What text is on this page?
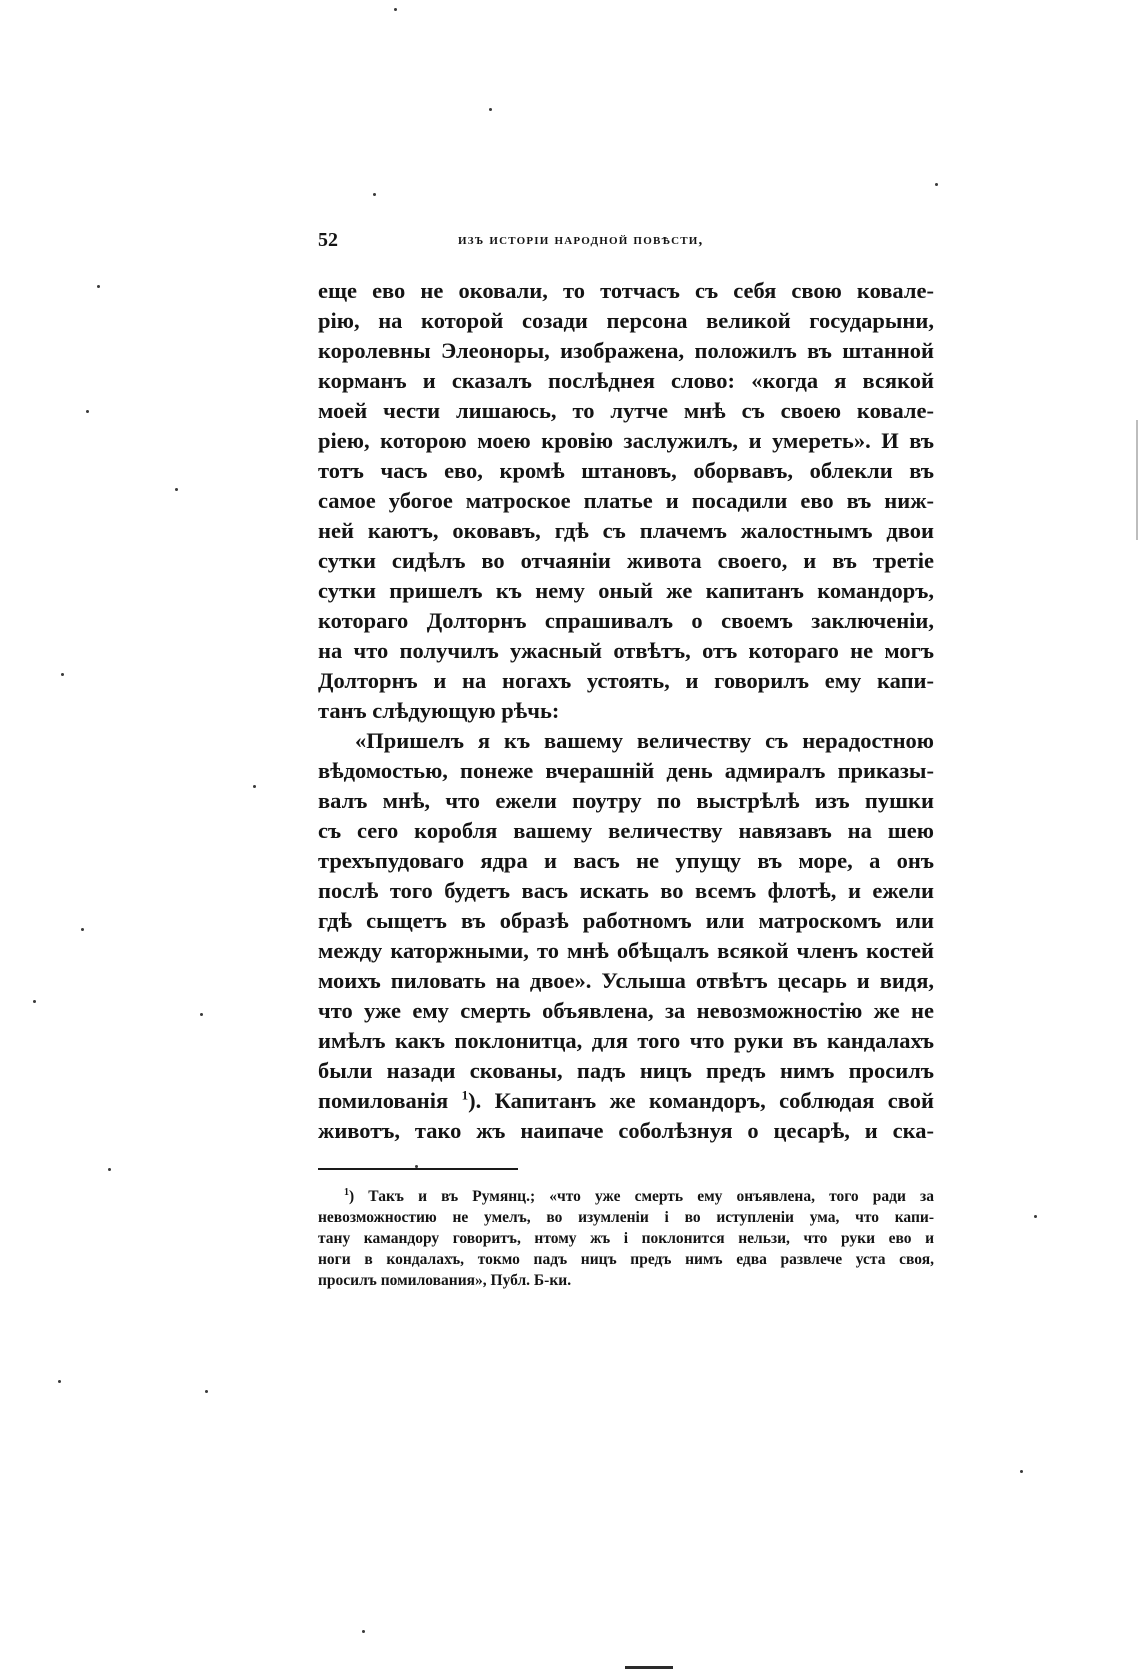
52	изъ исторіи народной повѣсти,
еще ево не оковали, то тотчасъ съ себя свою ковале-
рію, на которой созади персона великой государыни,
королевны Элеоноры, изображена, положилъ въ штанной
корманъ и сказалъ послѣднея слово: «когда я всякой
моей чести лишаюсь, то лутче мнѣ съ своею ковале-
ріею, которою моею кровію заслужилъ, и умереть». И въ
тотъ часъ ево, кромѣ штановъ, оборвавъ, облекли въ
самое убогое матроское платье и посадили ево въ ниж-
ней каютъ, оковавъ, гдѣ съ плачемъ жалостнымъ двои
сутки сидѣлъ во отчаяніи живота своего, и въ третіе
сутки пришелъ къ нему оный же капитанъ командоръ,
котораго Долторнъ спрашивалъ о своемъ заключеніи,
на что получилъ ужасный отвѣтъ, отъ котораго не могъ
Долторнъ и на ногахъ устоять, и говорилъ ему капи-
танъ слѣдующую рѣчь:
«Пришелъ я къ вашему величеству съ нерадостною
вѣдомостью, понеже вчерашній день адмиралъ приказы-
валъ мнѣ, что ежели поутру по выстрѣлѣ изъ пушки
съ сего коробля вашему величеству навязавъ на шею
трехъпудоваго ядра и васъ не упущу въ море, а онъ
послѣ того будетъ васъ искать во всемъ флотѣ, и ежели
гдѣ сыщетъ въ образѣ работномъ или матроскомъ или
между каторжными, то мнѣ обѣщалъ всякой членъ костей
моихъ пиловать на двое». Услыша отвѣтъ цесарь и видя,
что уже ему смерть объявлена, за невозможностію же не
имѣлъ какъ поклонитца, для того что руки въ кандалахъ
были назади скованы, падъ ницъ предъ нимъ просилъ
помилованія $^1$). Капитанъ же командоръ, соблюдая свой
животъ, тако жъ наипаче соболѣзнуя о цесарѣ, и ска-
$^1$) Такъ и въ Румянц.; «что уже смерть ему онъявлена, того ради за
невозможностию не умелъ, во изумленіи і во иступленіи ума, что капи-
тану камандору говоритъ, нтому жъ і поклонится нельзи, что руки ево и
ноги в кондалахъ, токмо падъ ницъ предъ нимъ едва развлече уста своя,
просилъ помилования», Публ. Б-ки.
